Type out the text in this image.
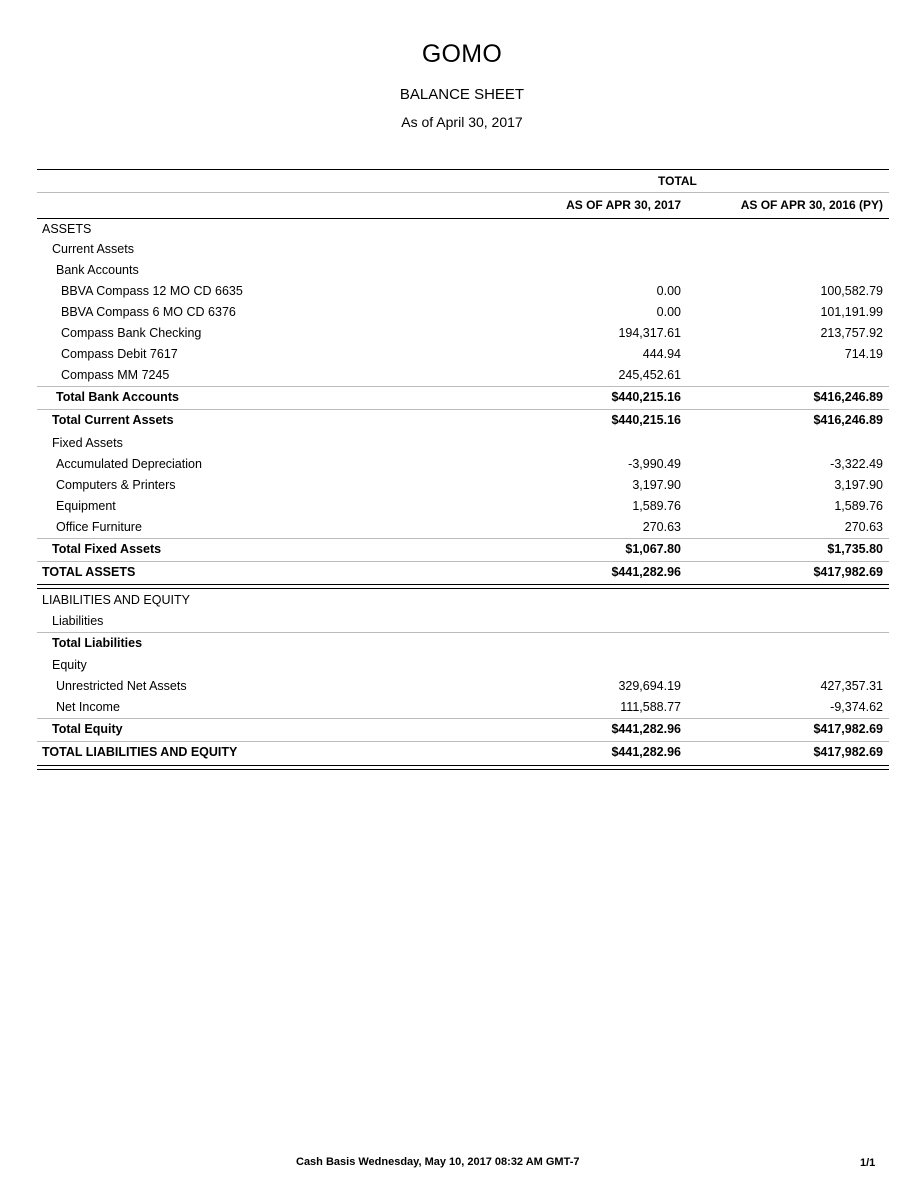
GOMO
BALANCE SHEET
As of April 30, 2017
TOTAL
AS OF APR 30, 2017	AS OF APR 30, 2016 (PY)
ASSETS
Current Assets
Bank Accounts
BBVA Compass 12 MO CD 6635	0.00	100,582.79
BBVA Compass 6 MO CD 6376	0.00	101,191.99
Compass Bank Checking	194,317.61	213,757.92
Compass Debit 7617	444.94	714.19
Compass MM 7245	245,452.61
Total Bank Accounts	$440,215.16	$416,246.89
Total Current Assets	$440,215.16	$416,246.89
Fixed Assets
Accumulated Depreciation	-3,990.49	-3,322.49
Computers & Printers	3,197.90	3,197.90
Equipment	1,589.76	1,589.76
Office Furniture	270.63	270.63
Total Fixed Assets	$1,067.80	$1,735.80
TOTAL ASSETS	$441,282.96	$417,982.69
LIABILITIES AND EQUITY
Liabilities
Total Liabilities
Equity
Unrestricted Net Assets	329,694.19	427,357.31
Net Income	111,588.77	-9,374.62
Total Equity	$441,282.96	$417,982.69
TOTAL LIABILITIES AND EQUITY	$441,282.96	$417,982.69
Cash Basis Wednesday, May 10, 2017 08:32 AM GMT-7	1/1
